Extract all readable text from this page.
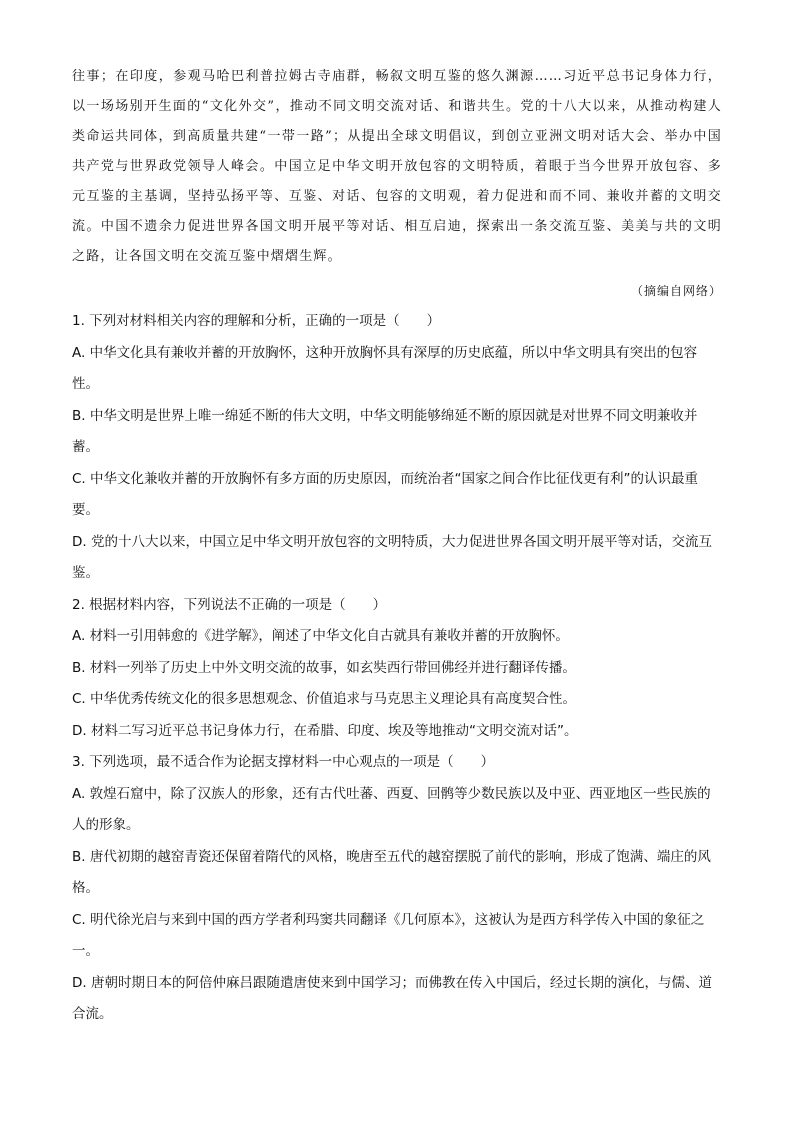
往事；在印度，参观马哈巴利普拉姆古寺庙群，畅叙文明互鉴的悠久渊源……习近平总书记身体力行，以一场场别开生面的“文化外交”，推动不同文明交流对话、和谐共生。党的十八大以来，从推动构建人类命运共同体，到高质量共建“一带一路”；从提出全球文明倡议，到创立亚洲文明对话大会、举办中国共产党与世界政党领导人峰会。中国立足中华文明开放包容的文明特质，着眼于当今世界开放包容、多元互鉴的主基调，坚持弘扬平等、互鉴、对话、包容的文明观，着力促进和而不同、兼收并蓄的文明交流。中国不遗余力促进世界各国文明开展平等对话、相互启迪，探索出一条交流互鉴、美美与共的文明之路，让各国文明在交流互鉴中熠熠生辉。

（摘编自网络）

1. 下列对材料相关内容的理解和分析，正确的一项是（　　）

A. 中华文化具有兼收并蓄的开放胸怀，这种开放胸怀具有深厚的历史底蕴，所以中华文明具有突出的包容性。

B. 中华文明是世界上唯一绵延不断的伟大文明，中华文明能够绵延不断的原因就是对世界不同文明兼收并蓄。

C. 中华文化兼收并蓄的开放胸怀有多方面的历史原因，而统治者“国家之间合作比征伐更有利”的认识最重要。

D. 党的十八大以来，中国立足中华文明开放包容的文明特质，大力促进世界各国文明开展平等对话，交流互鉴。

2. 根据材料内容，下列说法不正确的一项是（　　）

A. 材料一引用韩愈的《进学解》，阐述了中华文化自古就具有兼收并蓄的开放胸怀。

B. 材料一列举了历史上中外文明交流的故事，如玄奘西行带回佛经并进行翻译传播。

C. 中华优秀传统文化的很多思想观念、价值追求与马克思主义理论具有高度契合性。

D. 材料二写习近平总书记身体力行，在希腊、印度、埃及等地推动“文明交流对话”。

3. 下列选项，最不适合作为论据支撑材料一中心观点的一项是（　　）

A. 敦煌石窟中，除了汉族人的形象，还有古代吐蕃、西夏、回鹘等少数民族以及中亚、西亚地区一些民族的人的形象。

B. 唐代初期的越窑青瓷还保留着隋代的风格，晚唐至五代的越窑摆脱了前代的影响，形成了饱满、端庄的风格。

C. 明代徐光启与来到中国的西方学者利玛窦共同翻译《几何原本》，这被认为是西方科学传入中国的象征之一。

D. 唐朝时期日本的阿倍仲麻吕跟随遣唐使来到中国学习；而佛教在传入中国后，经过长期的演化，与儒、道合流。
